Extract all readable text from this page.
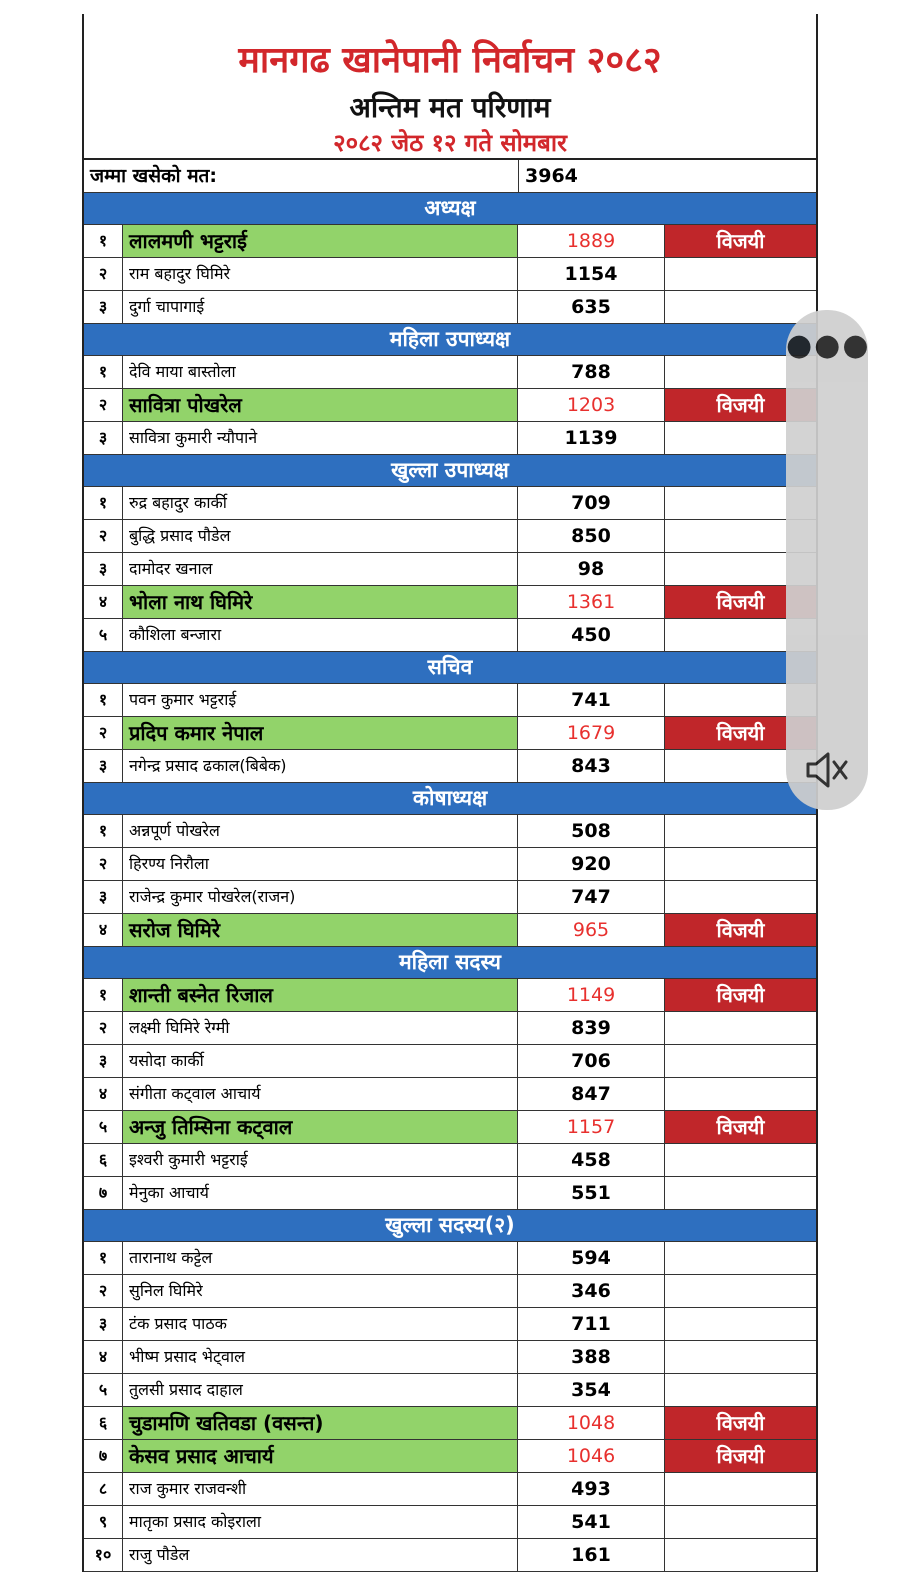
मानगढ खानेपानी निर्वाचन २०८२
अन्तिम मत परिणाम
२०८२ जेठ १२ गते सोमबार
जम्मा खसेको मत:	3964
अध्यक्ष
१	लालमणी भट्टराई	1889	विजयी
२	राम बहादुर घिमिरे	1154
३	दुर्गा चापागाई	635
महिला उपाध्यक्ष
१	देवि माया बास्तोला	788
२	सावित्रा पोखरेल	1203	विजयी
३	सावित्रा कुमारी न्यौपाने	1139
खुल्ला उपाध्यक्ष
१	रुद्र बहादुर कार्की	709
२	बुद्धि प्रसाद पौडेल	850
३	दामोदर खनाल	98
४	भोला नाथ घिमिरे	1361	विजयी
५	कौशिला बन्जारा	450
सचिव
१	पवन कुमार भट्टराई	741
२	प्रदिप कमार नेपाल	1679	विजयी
३	नगेन्द्र प्रसाद ढकाल(बिबेक)	843
कोषाध्यक्ष
१	अन्नपूर्ण पोखरेल	508
२	हिरण्य निरौला	920
३	राजेन्द्र कुमार पोखरेल(राजन)	747
४	सरोज घिमिरे	965	विजयी
महिला सदस्य
१	शान्ती बस्नेत रिजाल	1149	विजयी
२	लक्ष्मी घिमिरे रेग्मी	839
३	यसोदा कार्की	706
४	संगीता कट्वाल आचार्य	847
५	अन्जु तिम्सिना कट्वाल	1157	विजयी
६	इश्वरी कुमारी भट्टराई	458
७	मेनुका आचार्य	551
खुल्ला सदस्य(२)
१	तारानाथ कट्टेल	594
२	सुनिल घिमिरे	346
३	टंक प्रसाद पाठक	711
४	भीष्म प्रसाद भेट्वाल	388
५	तुलसी प्रसाद दाहाल	354
६	चुडामणि खतिवडा (वसन्त)	1048	विजयी
७	केसव प्रसाद आचार्य	1046	विजयी
८	राज कुमार राजवन्शी	493
९	मातृका प्रसाद कोइराला	541
१०	राजु पौडेल	161
●●●
